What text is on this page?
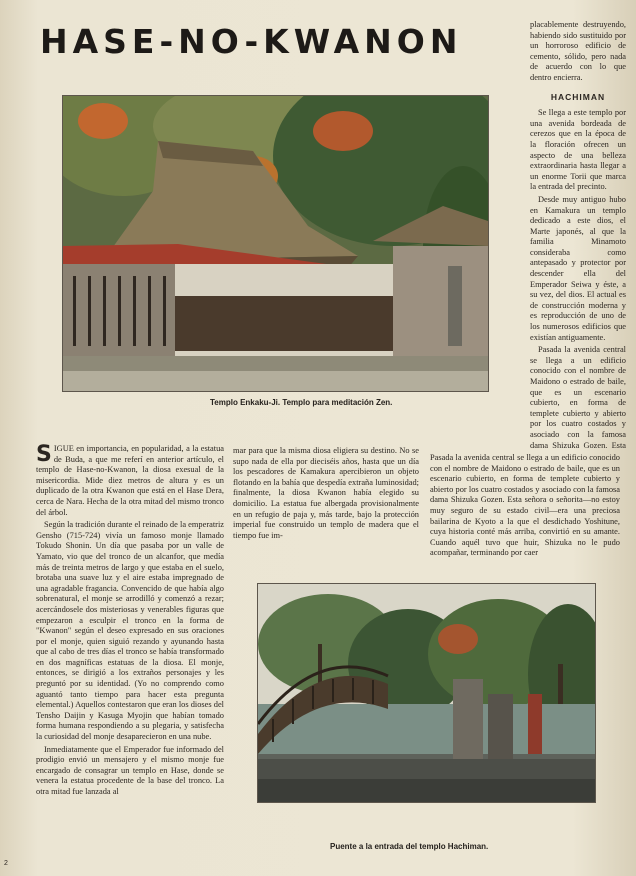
HASE-NO-KWANON
Templo Enkaku-Ji. Templo para meditación Zen.

placablemente destruyendo, habiendo sido sustituido por un horroroso edificio de cemento, sólido, pero nada de acuerdo con lo que dentro encierra.

HACHIMAN

Se llega a este templo por una avenida bordeada de cerezos que en la época de la floración ofrecen un aspecto de una belleza extraordinaria hasta llegar a un enorme Torii que marca la entrada del precinto.

Desde muy antiguo hubo en Kamakura un templo dedicado a este dios, el Marte japonés, al que la familia Minamoto consideraba como antepasado y protector por descender ella del Emperador Seiwa y éste, a su vez, del dios. El actual es de construcción moderna y es reproducción de uno de los numerosos edificios que existían antiguamente.

Pasada la avenida central se llega a un edificio conocido con el nombre de Maidono o estrado de baile, que es un escenario cubierto, en forma de templete cubierto y abierto por los cuatro costados y asociado con la famosa dama Shizuka Gozen. Esta

SIGUE en importancia, en popularidad, a la estatua de Buda, a que me referí en anterior artículo, el templo de Hase-no-Kwanon, la diosa exesual de la misericordia. Mide diez metros de altura y es un duplicado de la otra Kwanon que está en el Hase Dera, cerca de Nara. Hecha de la otra mitad del mismo tronco del árbol.

Según la tradición durante el reinado de la emperatriz Gensho (715-724) vivía un famoso monje llamado Tokudo Shonin. Un día que pasaba por un valle de Yamato, vio que del tronco de un alcanfor, que medía más de treinta metros de largo y que estaba en el suelo, brotaba una suave luz y el aire estaba impregnado de una agradable fragancia. Convencido de que había algo sobrenatural, el monje se arrodilló y comenzó a rezar; acercándosele dos misteriosas y venerables figuras que empezaron a esculpir el tronco en la forma de "Kwanon" según el deseo expresado en sus oraciones por el monje, quien siguió rezando y ayunando hasta que al cabo de tres días el tronco se había transformado en dos magníficas estatuas de la diosa. El monje, entonces, se dirigió a los extraños personajes y les preguntó por su identidad. (Yo no comprendo como aguantó tanto tiempo para hacer esta pregunta elemental.) Aquellos contestaron que eran los dioses del Tensho Daijin y Kasuga Myojin que habían tomado forma humana respondiendo a su plegaria, y satisfecha la curiosidad del monje desaparecieron en una nube.

Inmediatamente que el Emperador fue informado del prodigio envió un mensajero y el mismo monje fue encargado de consagrar un templo en Hase, donde se venera la estatua procedente de la base del tronco. La otra mitad fue lanzada al

mar para que la misma diosa eligiera su destino. No se supo nada de ella por dieciséis años, hasta que un día los pescadores de Kamakura apercibieron un objeto flotando en la bahía que despedía extraña luminosidad; finalmente, la diosa Kwanon había elegido su domicilio. La estatua fue albergada provisionalmente en un refugio de paja y, más tarde, bajo la protección imperial fue construido un templo de madera que el tiempo fue im-

Pasada la avenida central se llega a un edificio conocido con el nombre de Maidono o estrado de baile, que es un escenario cubierto, en forma de templete cubierto y abierto por los cuatro costados y asociado con la famosa dama Shizuka Gozen. Esta señora o señorita—no estoy muy seguro de su estado civil—era una preciosa bailarina de Kyoto a la que el desdichado Yoshitune, cuya historia conté más arriba, convirtió en su amante. Cuando aquél tuvo que huir, Shizuka no le pudo acompañar, terminando por caer

Puente a la entrada del templo Hachiman.
2
